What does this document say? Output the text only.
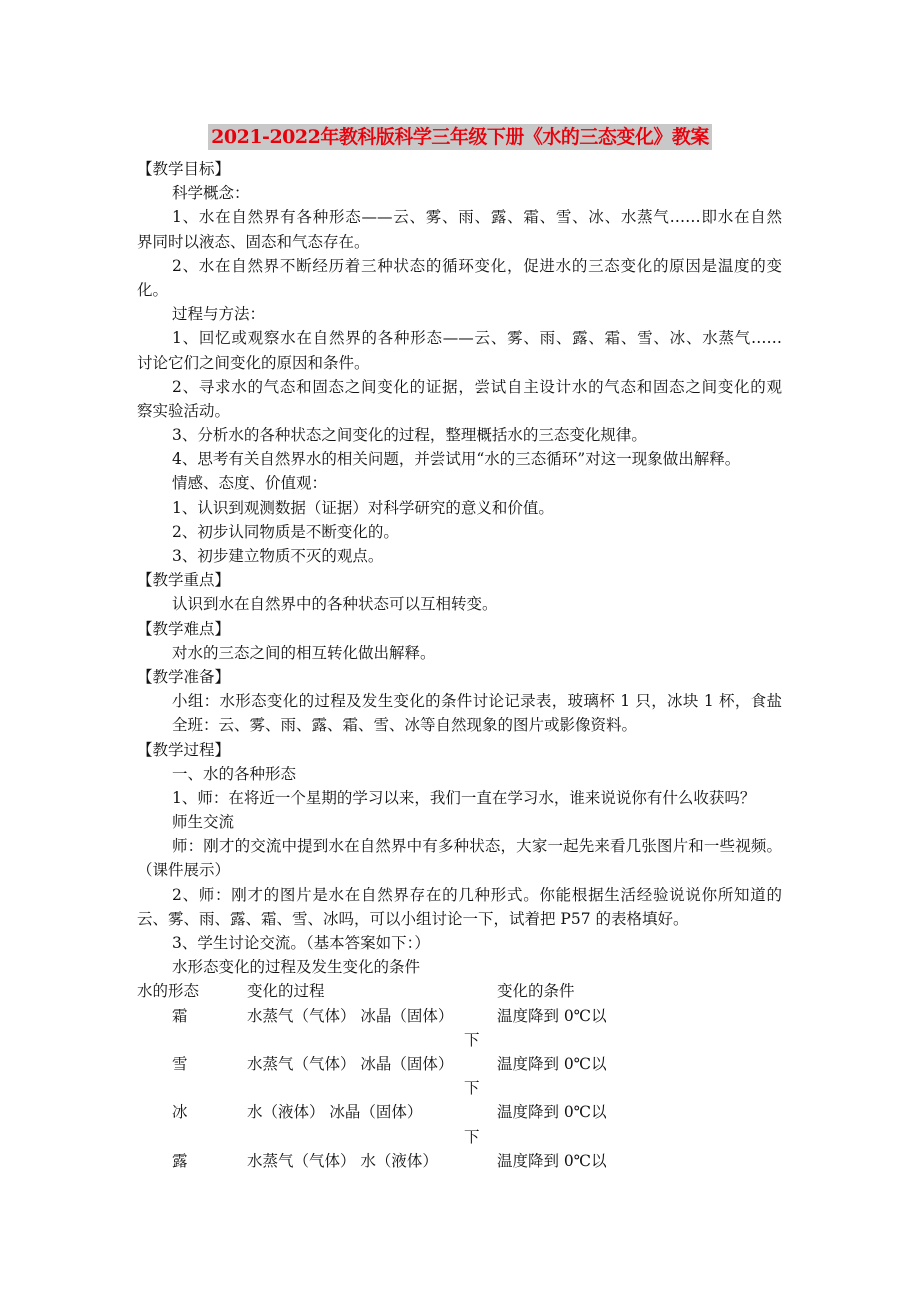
2021-2022年教科版科学三年级下册《水的三态变化》教案
【教学目标】
科学概念：
1、水在自然界有各种形态——云、雾、雨、露、霜、雪、冰、水蒸气……即水在自然
界同时以液态、固态和气态存在。
2、水在自然界不断经历着三种状态的循环变化，促进水的三态变化的原因是温度的变
化。
过程与方法：
1、回忆或观察水在自然界的各种形态——云、雾、雨、露、霜、雪、冰、水蒸气……
讨论它们之间变化的原因和条件。
2、寻求水的气态和固态之间变化的证据，尝试自主设计水的气态和固态之间变化的观
察实验活动。
3、分析水的各种状态之间变化的过程，整理概括水的三态变化规律。
4、思考有关自然界水的相关问题，并尝试用“水的三态循环”对这一现象做出解释。
情感、态度、价值观：
1、认识到观测数据（证据）对科学研究的意义和价值。
2、初步认同物质是不断变化的。
3、初步建立物质不灭的观点。
【教学重点】
认识到水在自然界中的各种状态可以互相转变。
【教学难点】
对水的三态之间的相互转化做出解释。
【教学准备】
小组：水形态变化的过程及发生变化的条件讨论记录表，玻璃杯 1 只，冰块 1 杯，食盐
全班：云、雾、雨、露、霜、雪、冰等自然现象的图片或影像资料。
【教学过程】
一、水的各种形态
1、师：在将近一个星期的学习以来，我们一直在学习水，谁来说说你有什么收获吗？
师生交流
师：刚才的交流中提到水在自然界中有多种状态，大家一起先来看几张图片和一些视频。
（课件展示）
2、师：刚才的图片是水在自然界存在的几种形式。你能根据生活经验说说你所知道的
云、雾、雨、露、霜、雪、冰吗，可以小组讨论一下，试着把 P57 的表格填好。
3、学生讨论交流。（基本答案如下：）
水形态变化的过程及发生变化的条件
水的形态	变化的过程	变化的条件
霜	水蒸气（气体） 冰晶（固体）	温度降到 0℃以
下
雪	水蒸气（气体） 冰晶（固体）	温度降到 0℃以
下
冰	水（液体） 冰晶（固体）	温度降到 0℃以
下
露	水蒸气（气体） 水（液体）	温度降到 0℃以
